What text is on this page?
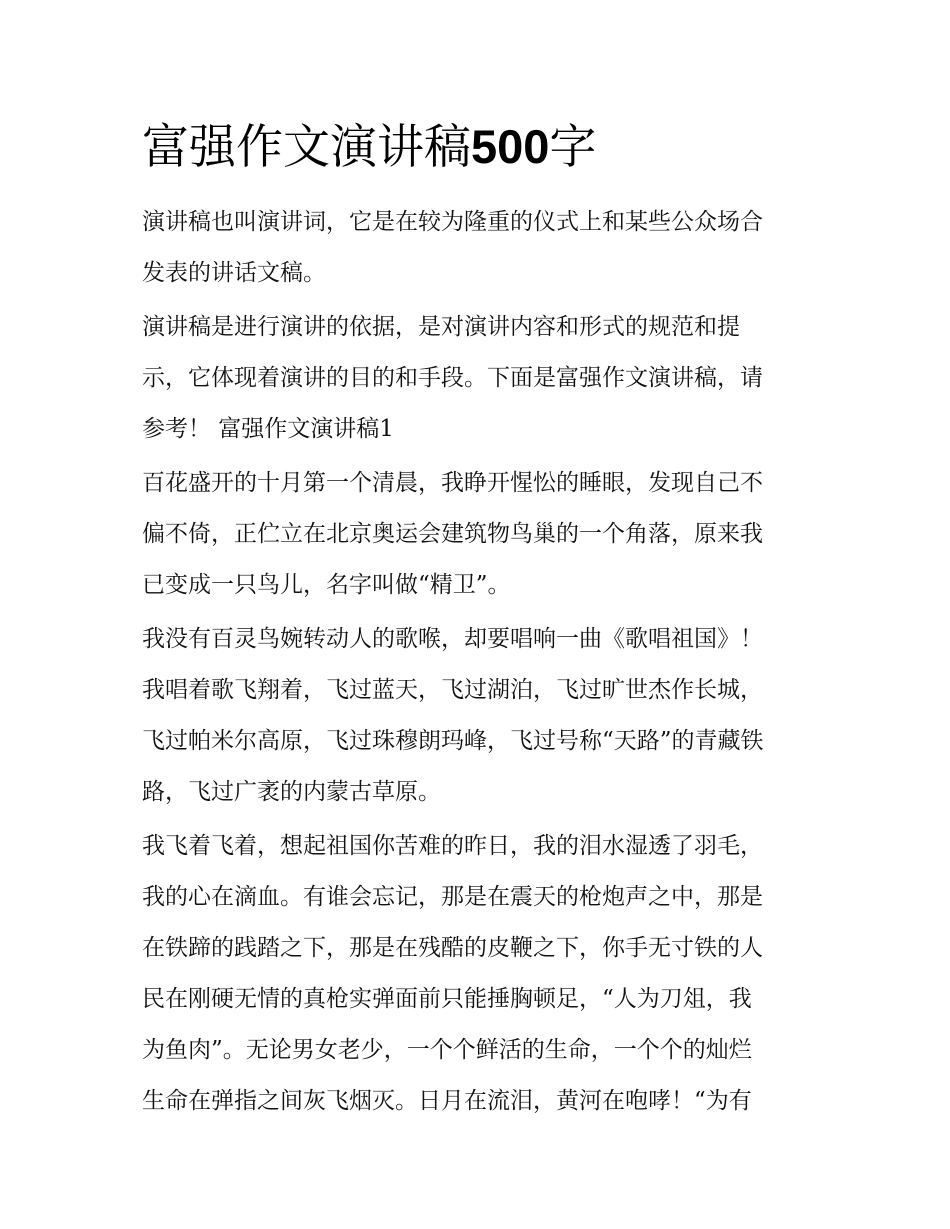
富强作文演讲稿500字

演讲稿也叫演讲词，它是在较为隆重的仪式上和某些公众场合
发表的讲话文稿。

演讲稿是进行演讲的依据，是对演讲内容和形式的规范和提
示，它体现着演讲的目的和手段。下面是富强作文演讲稿，请
参考！ 富强作文演讲稿1

百花盛开的十月第一个清晨，我睁开惺忪的睡眼，发现自己不
偏不倚，正伫立在北京奥运会建筑物鸟巢的一个角落，原来我
已变成一只鸟儿，名字叫做“精卫”。

我没有百灵鸟婉转动人的歌喉，却要唱响一曲《歌唱祖国》！
我唱着歌飞翔着，飞过蓝天，飞过湖泊，飞过旷世杰作长城，
飞过帕米尔高原，飞过珠穆朗玛峰，飞过号称“天路”的青藏铁
路，飞过广袤的内蒙古草原。

我飞着飞着，想起祖国你苦难的昨日，我的泪水湿透了羽毛，
我的心在滴血。有谁会忘记，那是在震天的枪炮声之中，那是
在铁蹄的践踏之下，那是在残酷的皮鞭之下，你手无寸铁的人
民在刚硬无情的真枪实弹面前只能捶胸顿足，“人为刀俎，我
为鱼肉”。无论男女老少，一个个鲜活的生命，一个个的灿烂
生命在弹指之间灰飞烟灭。日月在流泪，黄河在咆哮！“为有
